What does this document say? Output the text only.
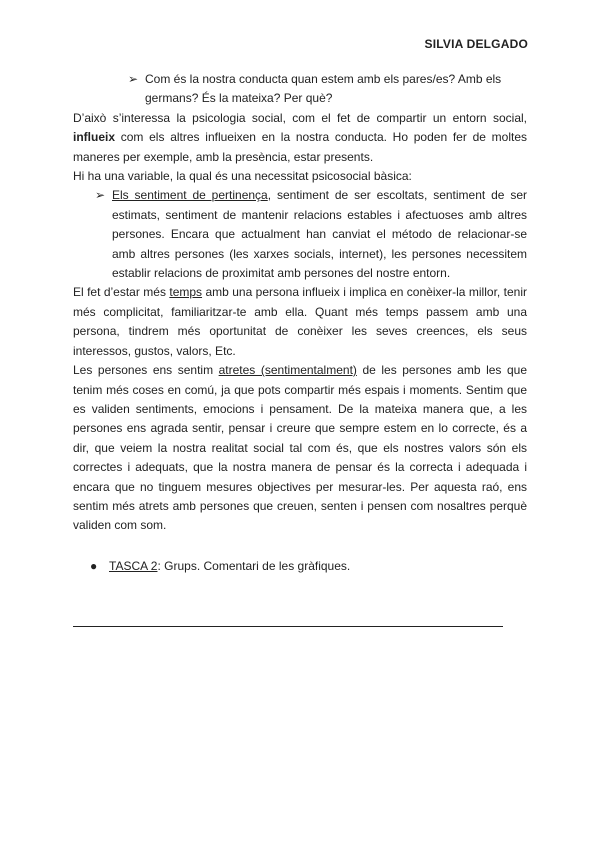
SILVIA DELGADO
➢ Com és la nostra conducta quan estem amb els pares/es? Amb els germans? És la mateixa? Per què?

D’això s’interessa la psicologia social, com el fet de compartir un entorn social, influeix com els altres influeixen en la nostra conducta. Ho poden fer de moltes maneres per exemple, amb la presència, estar presents.

Hi ha una variable, la qual és una necessitat psicosocial bàsica:

➢ Els sentiment de pertinença, sentiment de ser escoltats, sentiment de ser estimats, sentiment de mantenir relacions estables i afectuoses amb altres persones. Encara que actualment han canviat el método de relacionar-se amb altres persones (les xarxes socials, internet), les persones necessitem establir relacions de proximitat amb persones del nostre entorn.

El fet d’estar més temps amb una persona influeix i implica en conèixer-la millor, tenir més complicitat, familiaritzar-te amb ella. Quant més temps passem amb una persona, tindrem més oportunitat de conèixer les seves creences, els seus interessos, gustos, valors, Etc.

Les persones ens sentim atretes (sentimentalment) de les persones amb les que tenim més coses en comú, ja que pots compartir més espais i moments. Sentim que es validen sentiments, emocions i pensament. De la mateixa manera que, a les persones ens agrada sentir, pensar i creure que sempre estem en lo correcte, és a dir, que veiem la nostra realitat social tal com és, que els nostres valors són els correctes i adequats, que la nostra manera de pensar és la correcta i adequada i encara que no tinguem mesures objectives per mesurar-les. Per aquesta raó, ens sentim més atrets amb persones que creuen, senten i pensen com nosaltres perquè validen com som.

● TASCA 2: Grups. Comentari de les gràfiques.
